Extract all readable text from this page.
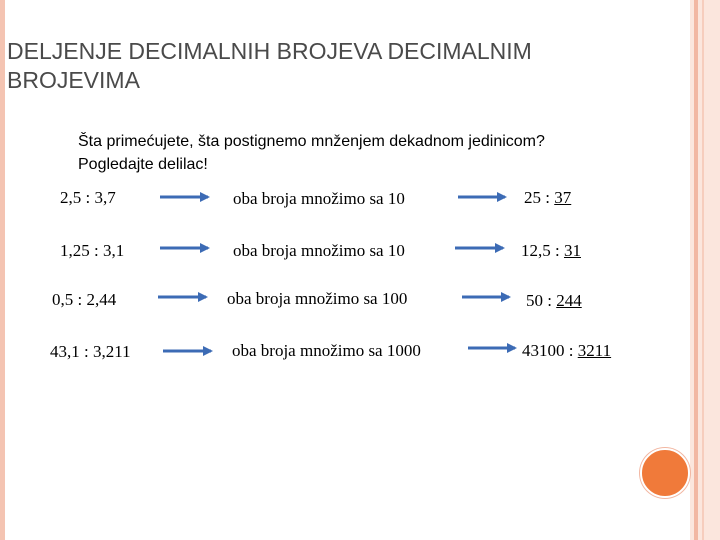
DELJENJE DECIMALNIH BROJEVA DECIMALNIM BROJEVIMA
Šta primećujete, šta postignemo mnženjem dekadnom jedinicom?
Pogledajte delilac!
2,5 : 3,7	oba broja množimo sa 10	25 : 37
1,25 : 3,1	oba broja množimo sa 10	12,5 : 31
0,5 : 2,44	oba broja množimo sa 100	50 : 244
43,1 : 3,211	oba broja množimo sa 1000	43100 : 3211
